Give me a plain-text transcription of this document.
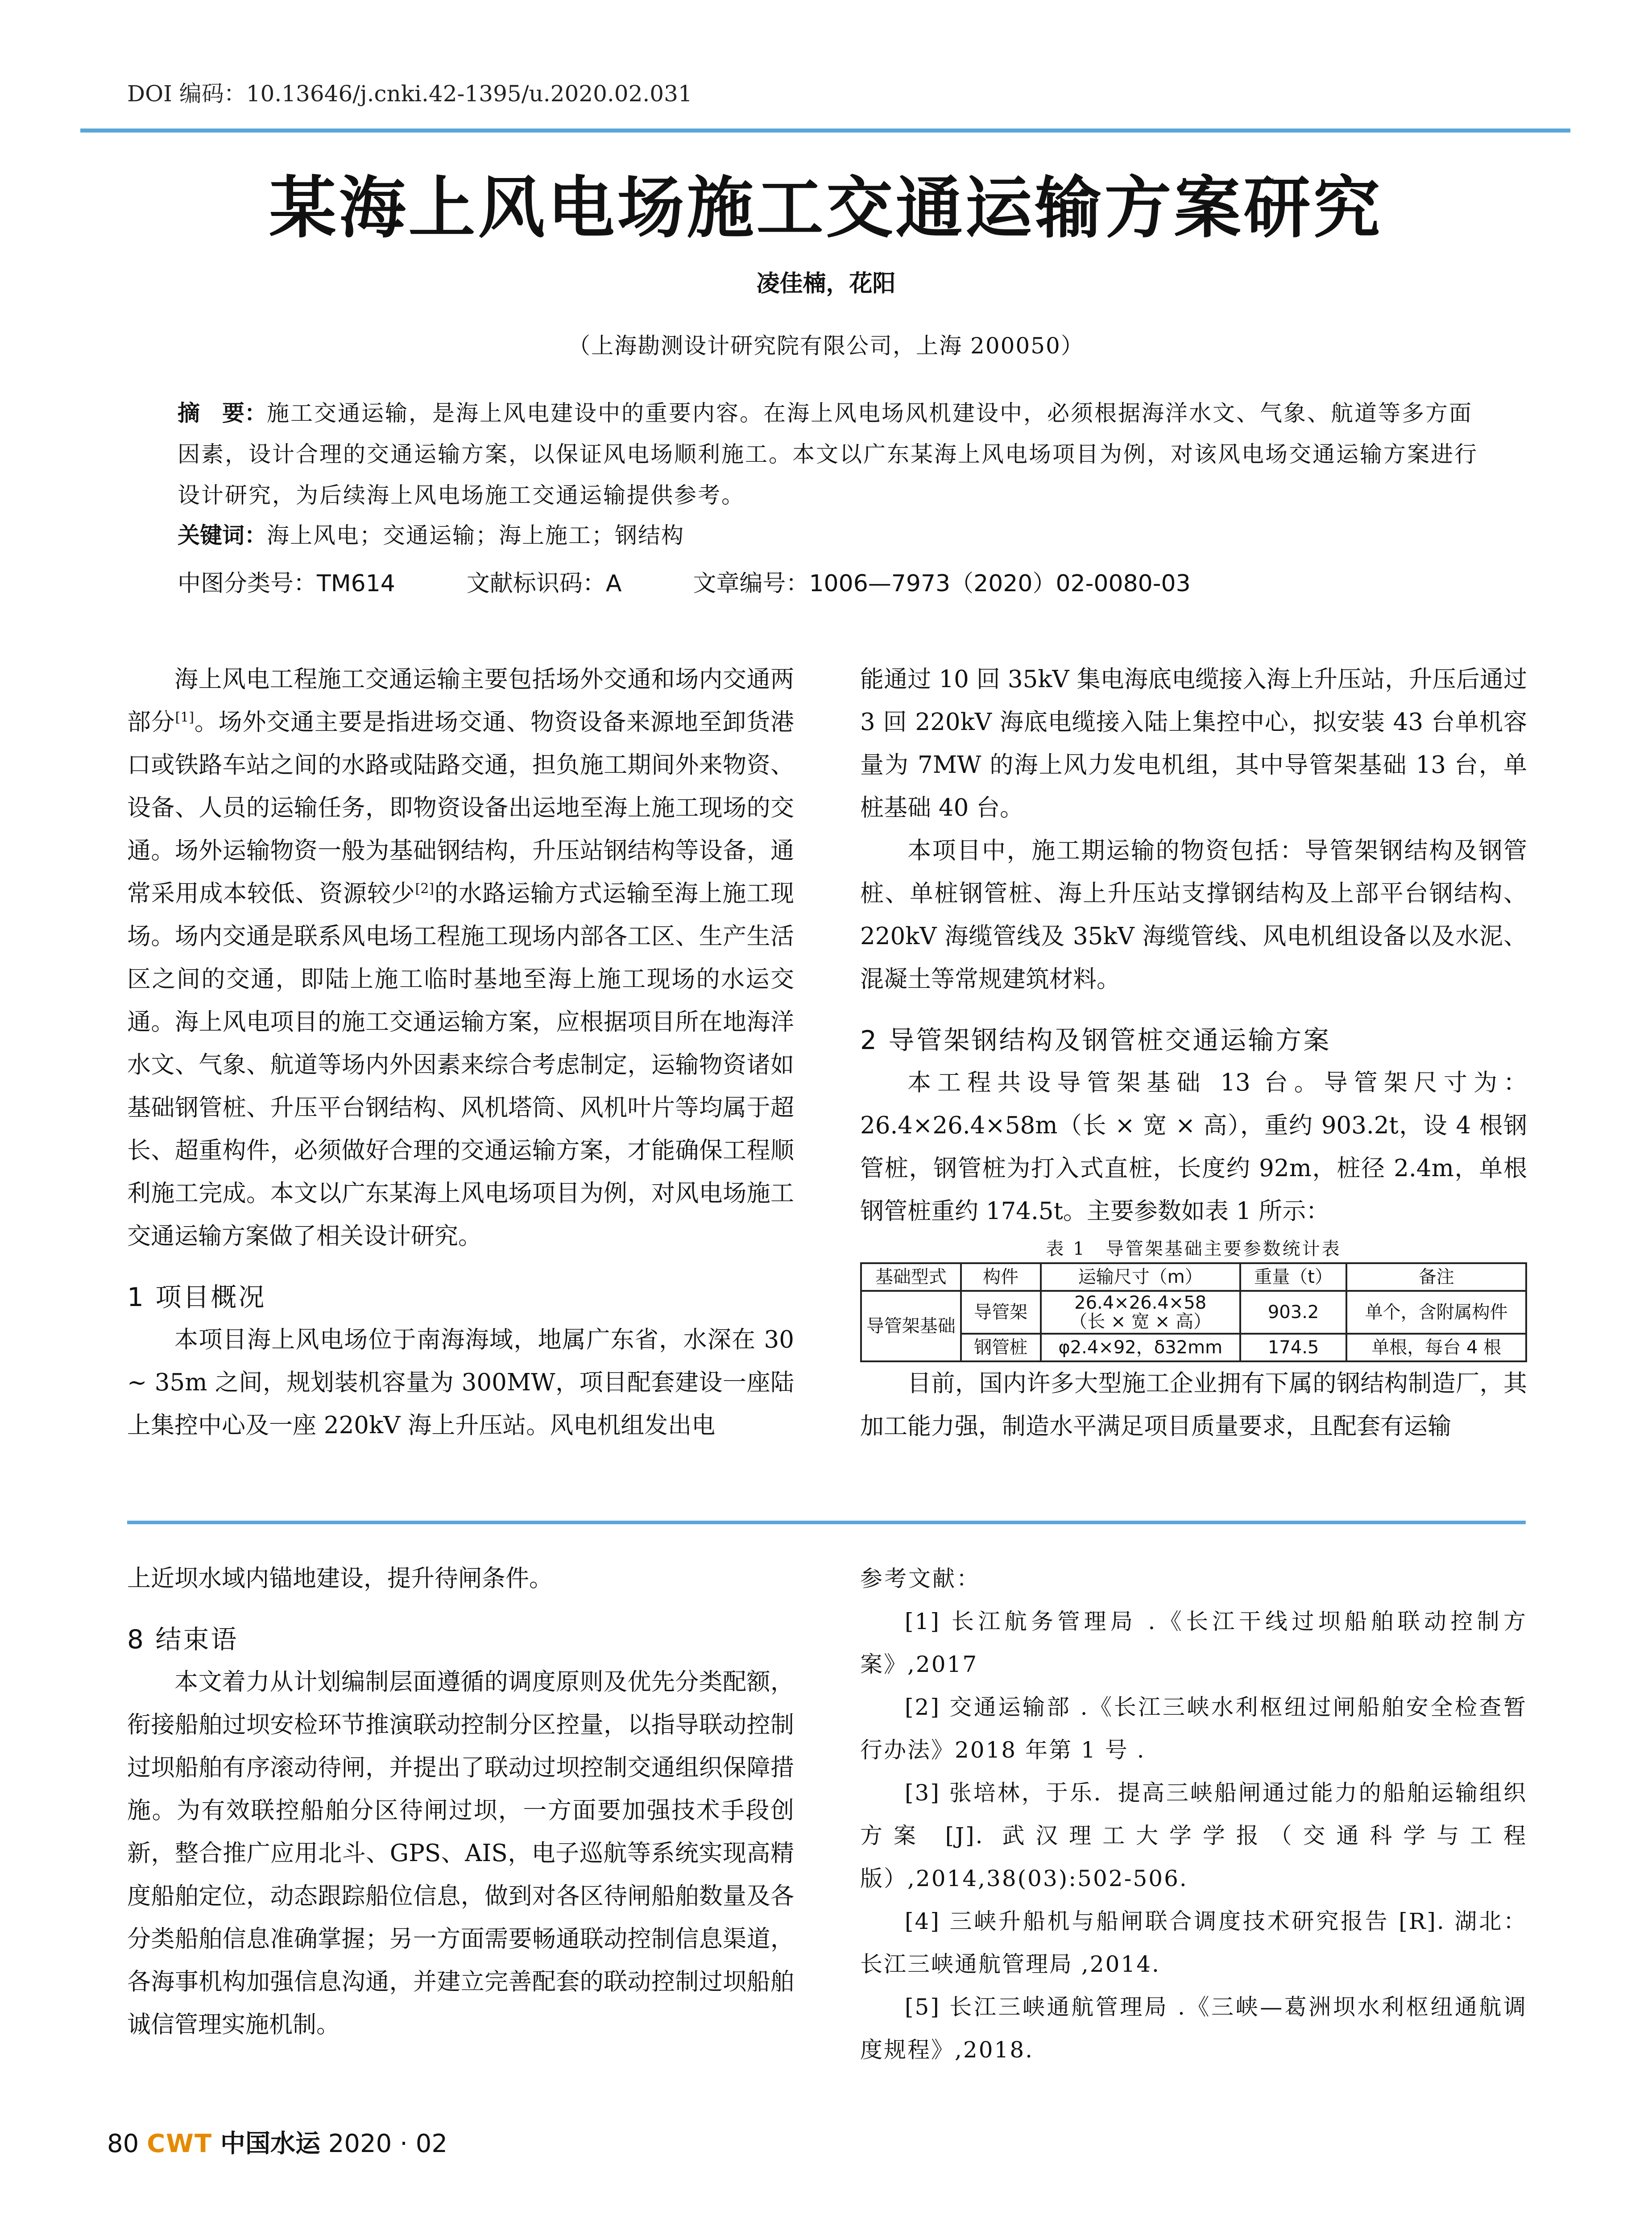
DOI 编码：10.13646/j.cnki.42-1395/u.2020.02.031
某海上风电场施工交通运输方案研究
凌佳楠，花阳
（上海勘测设计研究院有限公司，上海 200050）
摘　要：施工交通运输，是海上风电建设中的重要内容。在海上风电场风机建设中，必须根据海洋水文、气象、航道等多方面因素，设计合理的交通运输方案，以保证风电场顺利施工。本文以广东某海上风电场项目为例，对该风电场交通运输方案进行设计研究，为后续海上风电场施工交通运输提供参考。
关键词：海上风电；交通运输；海上施工；钢结构
中图分类号：TM614	文献标识码：A	文章编号：1006—7973（2020）02-0080-03

海上风电工程施工交通运输主要包括场外交通和场内交通两部分[1]。场外交通主要是指进场交通、物资设备来源地至卸货港口或铁路车站之间的水路或陆路交通，担负施工期间外来物资、设备、人员的运输任务，即物资设备出运地至海上施工现场的交通。场外运输物资一般为基础钢结构，升压站钢结构等设备，通常采用成本较低、资源较少[2]的水路运输方式运输至海上施工现场。场内交通是联系风电场工程施工现场内部各工区、生产生活区之间的交通，即陆上施工临时基地至海上施工现场的水运交通。海上风电项目的施工交通运输方案，应根据项目所在地海洋水文、气象、航道等场内外因素来综合考虑制定，运输物资诸如基础钢管桩、升压平台钢结构、风机塔筒、风机叶片等均属于超长、超重构件，必须做好合理的交通运输方案，才能确保工程顺利施工完成。本文以广东某海上风电场项目为例，对风电场施工交通运输方案做了相关设计研究。

1 项目概况

本项目海上风电场位于南海海域，地属广东省，水深在 30 ~ 35m 之间，规划装机容量为 300MW，项目配套建设一座陆上集控中心及一座 220kV 海上升压站。风电机组发出电

能通过 10 回 35kV 集电海底电缆接入海上升压站，升压后通过 3 回 220kV 海底电缆接入陆上集控中心，拟安装 43 台单机容量为 7MW 的海上风力发电机组，其中导管架基础 13 台，单桩基础 40 台。

本项目中，施工期运输的物资包括：导管架钢结构及钢管桩、单桩钢管桩、海上升压站支撑钢结构及上部平台钢结构、220kV 海缆管线及 35kV 海缆管线、风电机组设备以及水泥、混凝土等常规建筑材料。

2 导管架钢结构及钢管桩交通运输方案

本工程共设导管架基础 13 台。导管架尺寸为：26.4×26.4×58m（长 × 宽 × 高），重约 903.2t，设 4 根钢管桩，钢管桩为打入式直桩，长度约 92m，桩径 2.4m，单根钢管桩重约 174.5t。主要参数如表 1 所示：

表 1　导管架基础主要参数统计表
基础型式	构件	运输尺寸（m）	重量（t）	备注
导管架基础	导管架	26.4×26.4×58
（长 × 宽 × 高）	903.2	单个，含附属构件
	钢管桩	φ2.4×92，δ32mm	174.5	单根，每台 4 根

目前，国内许多大型施工企业拥有下属的钢结构制造厂，其加工能力强，制造水平满足项目质量要求，且配套有运输

上近坝水域内锚地建设，提升待闸条件。

8 结束语

本文着力从计划编制层面遵循的调度原则及优先分类配额，衔接船舶过坝安检环节推演联动控制分区控量，以指导联动控制过坝船舶有序滚动待闸，并提出了联动过坝控制交通组织保障措施。为有效联控船舶分区待闸过坝，一方面要加强技术手段创新，整合推广应用北斗、GPS、AIS，电子巡航等系统实现高精度船舶定位，动态跟踪船位信息，做到对各区待闸船舶数量及各分类船舶信息准确掌握；另一方面需要畅通联动控制信息渠道，各海事机构加强信息沟通，并建立完善配套的联动控制过坝船舶诚信管理实施机制。

参考文献：

[1] 长江航务管理局 .《长江干线过坝船舶联动控制方案》,2017

[2] 交通运输部 .《长江三峡水利枢纽过闸船舶安全检查暂行办法》2018 年第 1 号 .

[3] 张培林，于乐．提高三峡船闸通过能力的船舶运输组织方案 [J]. 武汉理工大学学报（交通科学与工程版）,2014,38(03):502-506.

[4] 三峡升船机与船闸联合调度技术研究报告 [R]. 湖北：长江三峡通航管理局 ,2014.

[5] 长江三峡通航管理局 .《三峡—葛洲坝水利枢纽通航调度规程》,2018.

80 CWT 中国水运 2020 · 02
